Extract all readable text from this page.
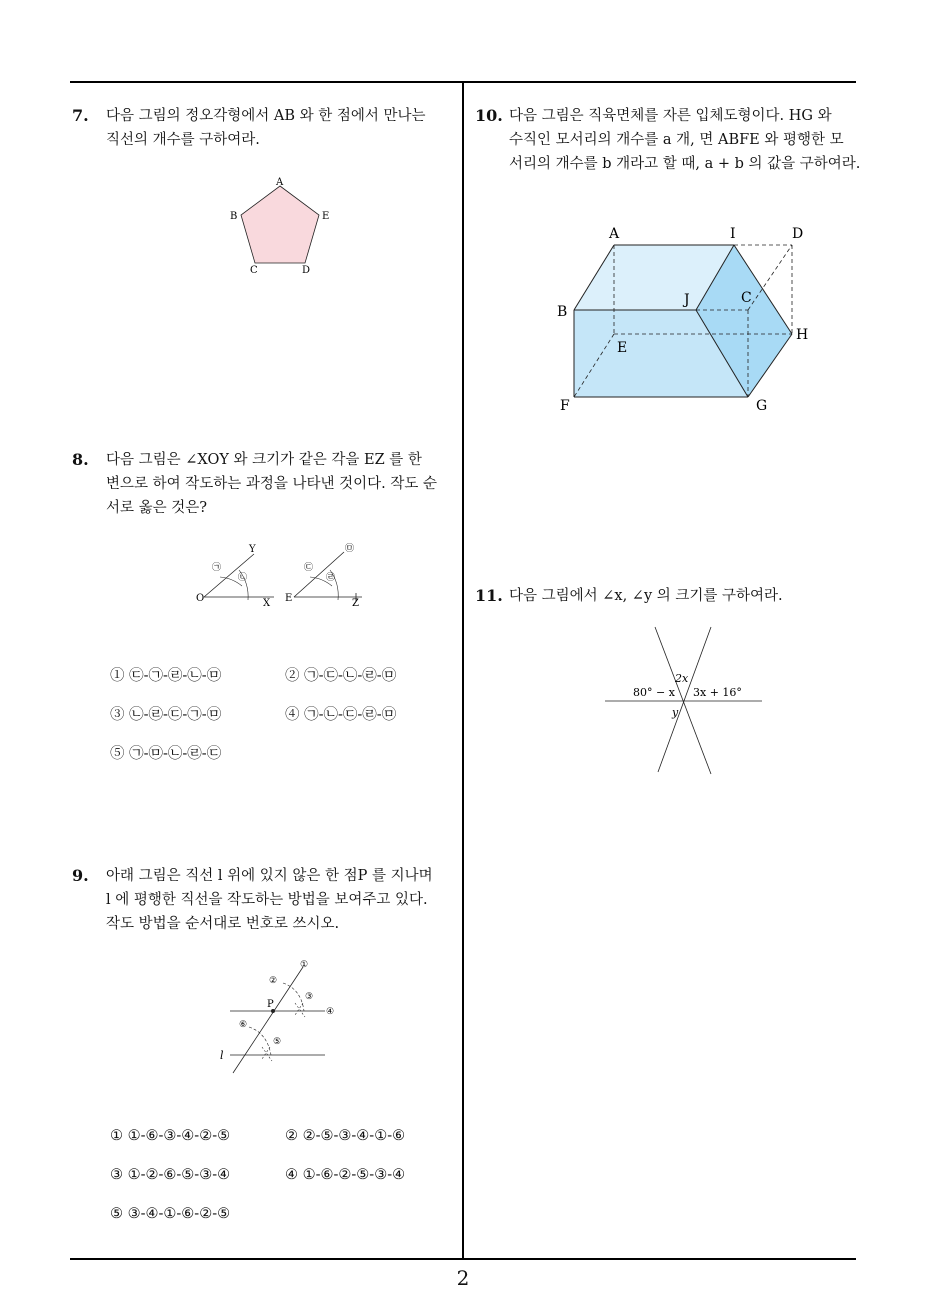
7. 다음 그림의 정오각형에서 AB 와 한 점에서 만나는
직선의 개수를 구하여라.
A
B	E
C	D
8. 다음 그림은 ∠XOY 와 크기가 같은 각을 EZ 를 한
변으로 하여 작도하는 과정을 나타낸 것이다. 작도 순
서로 옳은 것은?
Y
O	X
㉠
㉡
E	Z
㉢
㉣
㉤
① ㉢-㉠-㉣-㉡-㉤	② ㉠-㉢-㉡-㉣-㉤
③ ㉡-㉣-㉢-㉠-㉤	④ ㉠-㉡-㉢-㉣-㉤
⑤ ㉠-㉤-㉡-㉣-㉢
9. 아래 그림은 직선 l 위에 있지 않은 한 점P 를 지나며
l 에 평행한 직선을 작도하는 방법을 보여주고 있다.
작도 방법을 순서대로 번호로 쓰시오.
P
l
①
②
③
④
⑤
⑥
① ①-⑥-③-④-②-⑤	② ②-⑤-③-④-①-⑥
③ ①-②-⑥-⑤-③-④	④ ①-⑥-②-⑤-③-④
⑤ ③-④-①-⑥-②-⑤
10. 다음 그림은 직육면체를 자른 입체도형이다. HG 와
수직인 모서리의 개수를 a 개, 면 ABFE 와 평행한 모
서리의 개수를 b 개라고 할 때, a + b 의 값을 구하여라.
A	I	D
B
J	C
H
E
F	G
11. 다음 그림에서 ∠x, ∠y 의 크기를 구하여라.
2x
80° − x 3x + 16°
y
2
